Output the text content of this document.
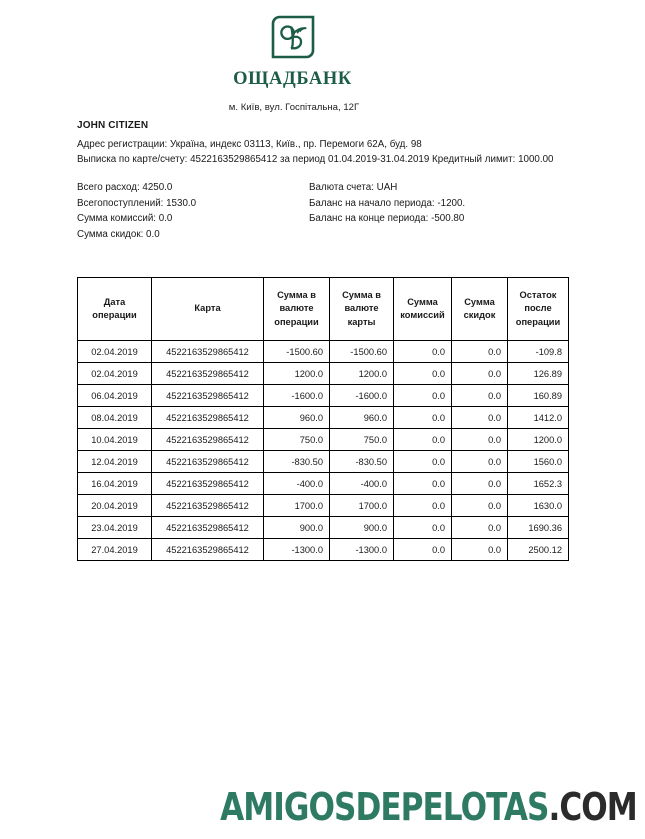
ОЩАДБАНК
м. Київ, вул. Госпітальна, 12Г
JOHN CITIZEN
Адрес регистрации: Україна, индекс 03113, Київ., пр. Перемоги 62А, буд. 98
Выписка по карте/счету: 4522163529865412 за период 01.04.2019-31.04.2019 Кредитный лимит: 1000.00
Всего расход: 4250.0
Всегопоступлений: 1530.0
Сумма комиссий: 0.0
Сумма скидок: 0.0
Валюта счета: UAH
Баланс на начало периода: -1200.
Баланс на конце периода: -500.80
Дата операции	Карта	Сумма в валюте операции	Сумма в валюте карты	Сумма комиссий	Сумма скидок	Остаток после операции
02.04.2019	4522163529865412	-1500.60	-1500.60	0.0	0.0	-109.8
02.04.2019	4522163529865412	1200.0	1200.0	0.0	0.0	126.89
06.04.2019	4522163529865412	-1600.0	-1600.0	0.0	0.0	160.89
08.04.2019	4522163529865412	960.0	960.0	0.0	0.0	1412.0
10.04.2019	4522163529865412	750.0	750.0	0.0	0.0	1200.0
12.04.2019	4522163529865412	-830.50	-830.50	0.0	0.0	1560.0
16.04.2019	4522163529865412	-400.0	-400.0	0.0	0.0	1652.3
20.04.2019	4522163529865412	1700.0	1700.0	0.0	0.0	1630.0
23.04.2019	4522163529865412	900.0	900.0	0.0	0.0	1690.36
27.04.2019	4522163529865412	-1300.0	-1300.0	0.0	0.0	2500.12
AMIGOSDEPELOTAS.COM
